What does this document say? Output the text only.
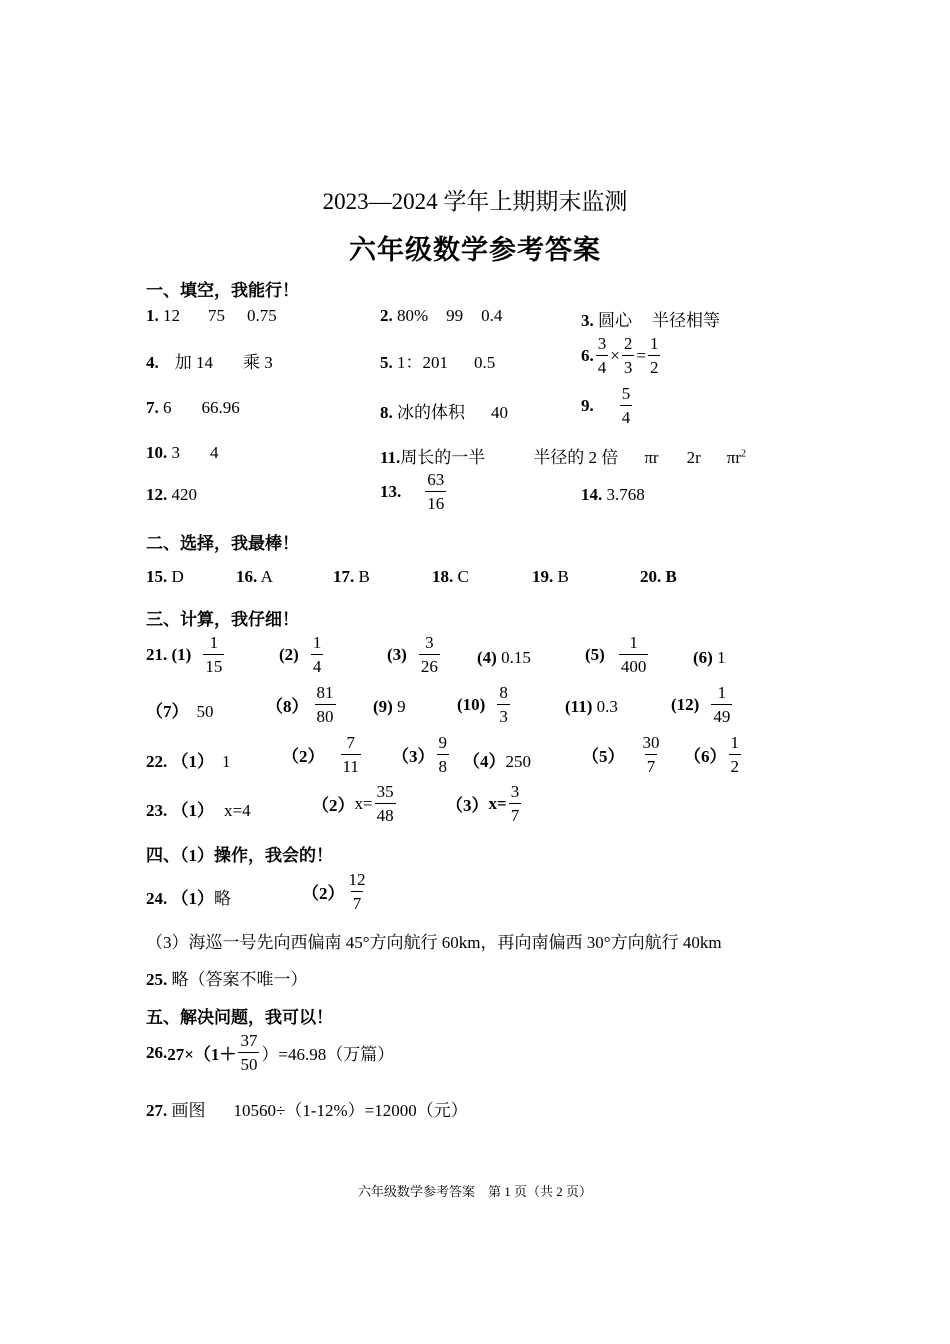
2023—2024 学年上期期末监测
六年级数学参考答案
一、填空，我能行！
1. 12 75 0.75	2. 80% 99 0.4	3. 圆心 半径相等
4. 加 14 乘 3	5. 1：201 0.5	6. $\frac{3}{4} \times \frac{2}{3} = \frac{1}{2}$
7. 6 66.96	8. 冰的体积 40	9. $\frac{5}{4}$
10. 3 4	11.周长的一半	半径的 2 倍 πr 2r $\pi r^2$
12. 420	13. $\frac{63}{16}$	14. 3.768
二、选择，我最棒！
15. D	16. A	17. B	18. C	19. B	20. B
三、计算，我仔细！
21.
$(1) \frac{1}{15}$	$(2) \frac{1}{4}$	$(3) \frac{3}{26} (4)$ 0.15	$(5) \frac{1}{400}$	(6) 1
（7） 50	$(8) \frac{81}{80} (9)$ 9	$(10) \frac{8}{3}$	(11) 0.3	$(12) \frac{1}{49}$
22. （1） 1	$(2) \frac{7}{11} (3) \frac{9}{8} (4)250$	$(5) \frac{30}{7} (6) \frac{1}{2}$
23. （1） x=4	（2） $x= \frac{35}{48}$	（3） $x= \frac{3}{7}$
四、（1）操作，我会的！
24. （1）略	$(2) \frac{12}{7}$
（3）海巡一号先向西偏南 45°方向航行 60km，再向南偏西 30°方向航行 40km
25. 略（答案不唯一）
五、解决问题，我可以！
26. $27\times(1+ \frac{37}{50} )=46.98$（万篇）
27. 画图 10560÷（1-12%）=12000（元）
六年级数学参考答案　第 1 页（共 2 页）
